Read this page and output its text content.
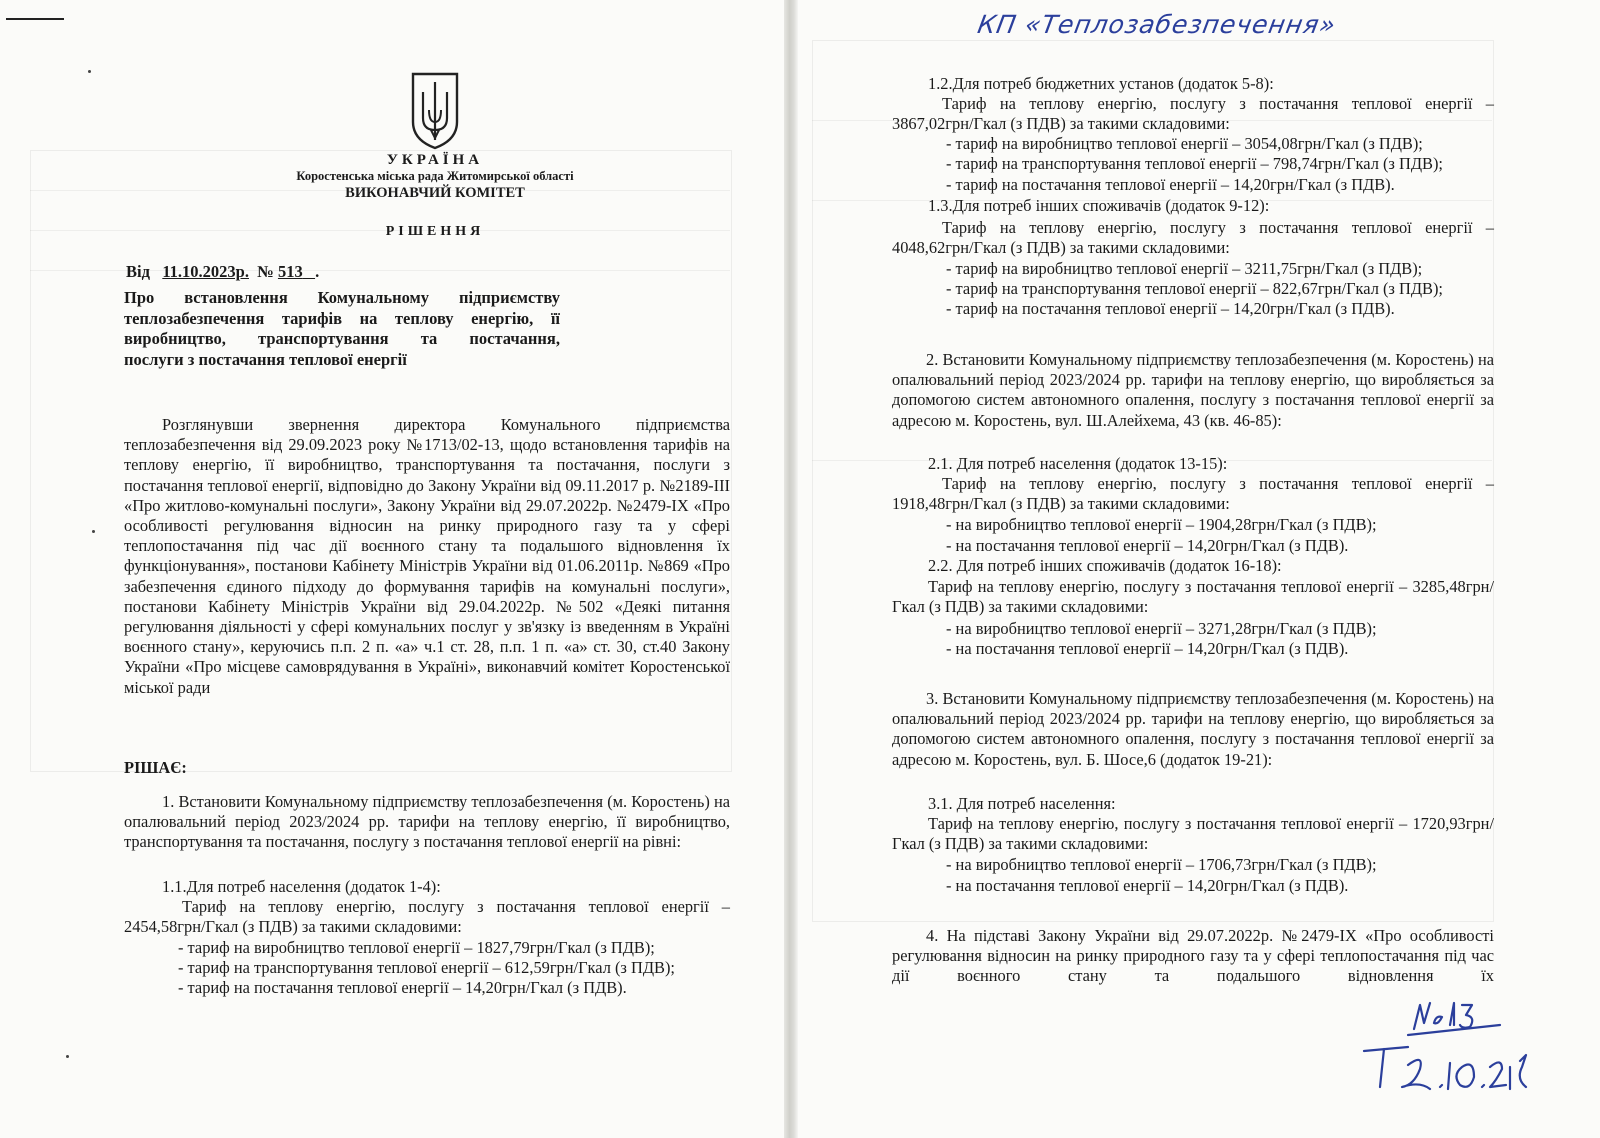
УКРАЇНА
Коростенська міська рада Житомирської області
ВИКОНАВЧИЙ КОМІТЕТ
РІШЕННЯ
Від 11.10.2023р. № 513 .
Про встановлення Комунальному підприємству
теплозабезпечення тарифів на теплову енергію, її
виробництво, транспортування та постачання,
послуги з постачання теплової енергії

Розглянувши звернення директора Комунального підприємства теплозабезпечення від 29.09.2023 року №1713/02-13, щодо встановлення тарифів на теплову енергію, її виробництво, транспортування та постачання, послуги з постачання теплової енергії, відповідно до Закону України від 09.11.2017 р. №2189-ІІІ «Про житлово-комунальні послуги», Закону України від 29.07.2022р. №2479-ІХ «Про особливості регулювання відносин на ринку природного газу та у сфері теплопостачання під час дії воєнного стану та подальшого відновлення їх функціонування», постанови Кабінету Міністрів України від 01.06.2011р. №869 «Про забезпечення єдиного підходу до формування тарифів на комунальні послуги», постанови Кабінету Міністрів України від 29.04.2022р. №502 «Деякі питання регулювання діяльності у сфері комунальних послуг у зв'язку із введенням в Україні воєнного стану», керуючись п.п. 2 п. «а» ч.1 ст. 28, п.п. 1 п. «а» ст. 30, ст.40 Закону України «Про місцеве самоврядування в Україні», виконавчий комітет Коростенської міської ради

РІШАЄ:

1. Встановити Комунальному підприємству теплозабезпечення (м. Коростень) на опалювальний період 2023/2024 рр. тарифи на теплову енергію, її виробництво, транспортування та постачання, послугу з постачання теплової енергії на рівні:

1.1.Для потреб населення (додаток 1-4):

Тариф на теплову енергію, послугу з постачання теплової енергії – 2454,58грн/Гкал (з ПДВ) за такими складовими:

- тариф на виробництво теплової енергії – 1827,79грн/Гкал (з ПДВ);

- тариф на транспортування теплової енергії – 612,59грн/Гкал (з ПДВ);

- тариф на постачання теплової енергії – 14,20грн/Гкал (з ПДВ).

КП «Теплозабезпечення»

1.2.Для потреб бюджетних установ (додаток 5-8):

Тариф на теплову енергію, послугу з постачання теплової енергії – 3867,02грн/Гкал (з ПДВ) за такими складовими:

- тариф на виробництво теплової енергії – 3054,08грн/Гкал (з ПДВ);

- тариф на транспортування теплової енергії – 798,74грн/Гкал (з ПДВ);

- тариф на постачання теплової енергії – 14,20грн/Гкал (з ПДВ).

1.3.Для потреб інших споживачів (додаток 9-12):

Тариф на теплову енергію, послугу з постачання теплової енергії – 4048,62грн/Гкал (з ПДВ) за такими складовими:

- тариф на виробництво теплової енергії – 3211,75грн/Гкал (з ПДВ);

- тариф на транспортування теплової енергії – 822,67грн/Гкал (з ПДВ);

- тариф на постачання теплової енергії – 14,20грн/Гкал (з ПДВ).

2. Встановити Комунальному підприємству теплозабезпечення (м. Коростень) на опалювальний період 2023/2024 рр. тарифи на теплову енергію, що виробляється за допомогою систем автономного опалення, послугу з постачання теплової енергії за адресою м. Коростень, вул. Ш.Алейхема, 43 (кв. 46-85):

2.1. Для потреб населення (додаток 13-15):

Тариф на теплову енергію, послугу з постачання теплової енергії – 1918,48грн/Гкал (з ПДВ) за такими складовими:

- на виробництво теплової енергії – 1904,28грн/Гкал (з ПДВ);

- на постачання теплової енергії – 14,20грн/Гкал (з ПДВ).

2.2. Для потреб інших споживачів (додаток 16-18):

Тариф на теплову енергію, послугу з постачання теплової енергії – 3285,48грн/Гкал (з ПДВ) за такими складовими:

- на виробництво теплової енергії – 3271,28грн/Гкал (з ПДВ);

- на постачання теплової енергії – 14,20грн/Гкал (з ПДВ).

3. Встановити Комунальному підприємству теплозабезпечення (м. Коростень) на опалювальний період 2023/2024 рр. тарифи на теплову енергію, що виробляється за допомогою систем автономного опалення, послугу з постачання теплової енергії за адресою м. Коростень, вул. Б. Шосе,6 (додаток 19-21):

3.1. Для потреб населення:

Тариф на теплову енергію, послугу з постачання теплової енергії – 1720,93грн/Гкал (з ПДВ) за такими складовими:

- на виробництво теплової енергії – 1706,73грн/Гкал (з ПДВ);

- на постачання теплової енергії – 14,20грн/Гкал (з ПДВ).

4. На підставі Закону України від 29.07.2022р. №2479-ІХ «Про особливості регулювання відносин на ринку природного газу та у сфері теплопостачання під час дії воєнного стану та подальшого відновлення їх
